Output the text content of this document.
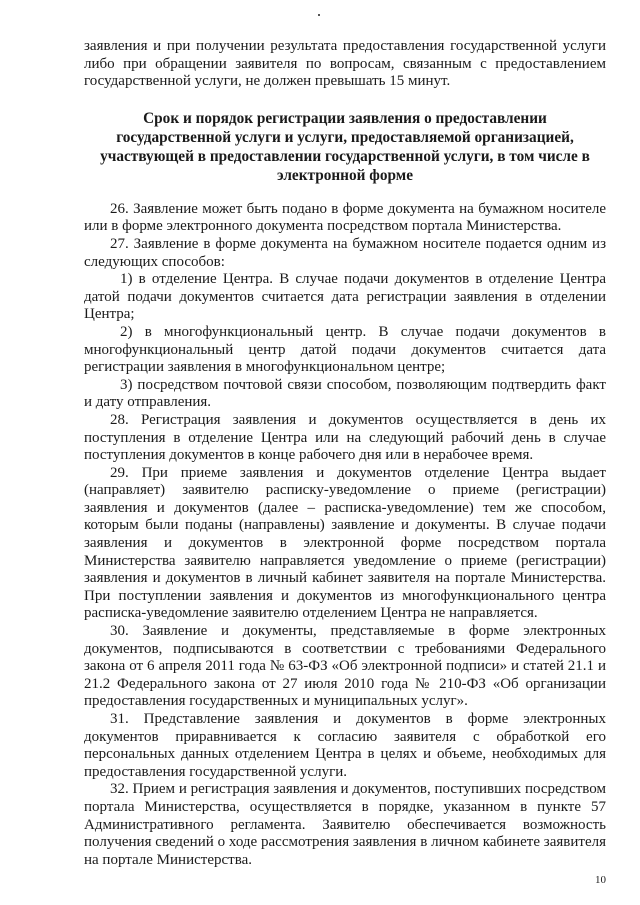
заявления и при получении результата предоставления государственной услуги либо при обращении заявителя по вопросам, связанным с предоставлением государственной услуги, не должен превышать 15 минут.

Срок и порядок регистрации заявления о предоставлении государственной услуги и услуги, предоставляемой организацией, участвующей в предоставлении государственной услуги, в том числе в электронной форме

26. Заявление может быть подано в форме документа на бумажном носителе или в форме электронного документа посредством портала Министерства.

27. Заявление в форме документа на бумажном носителе подается одним из следующих способов:

1) в отделение Центра. В случае подачи документов в отделение Центра датой подачи документов считается дата регистрации заявления в отделении Центра;

2) в многофункциональный центр. В случае подачи документов в многофункциональный центр датой подачи документов считается дата регистрации заявления в многофункциональном центре;

3) посредством почтовой связи способом, позволяющим подтвердить факт и дату отправления.

28. Регистрация заявления и документов осуществляется в день их поступления в отделение Центра или на следующий рабочий день в случае поступления документов в конце рабочего дня или в нерабочее время.

29. При приеме заявления и документов отделение Центра выдает (направляет) заявителю расписку-уведомление о приеме (регистрации) заявления и документов (далее – расписка-уведомление) тем же способом, которым были поданы (направлены) заявление и документы. В случае подачи заявления и документов в электронной форме посредством портала Министерства заявителю направляется уведомление о приеме (регистрации) заявления и документов в личный кабинет заявителя на портале Министерства. При поступлении заявления и документов из многофункционального центра расписка-уведомление заявителю отделением Центра не направляется.

30. Заявление и документы, представляемые в форме электронных документов, подписываются в соответствии с требованиями Федерального закона от 6 апреля 2011 года № 63-ФЗ «Об электронной подписи» и статей 21.1 и 21.2 Федерального закона от 27 июля 2010 года № 210-ФЗ «Об организации предоставления государственных и муниципальных услуг».

31. Представление заявления и документов в форме электронных документов приравнивается к согласию заявителя с обработкой его персональных данных отделением Центра в целях и объеме, необходимых для предоставления государственной услуги.

32. Прием и регистрация заявления и документов, поступивших посредством портала Министерства, осуществляется в порядке, указанном в пункте 57 Административного регламента. Заявителю обеспечивается возможность получения сведений о ходе рассмотрения заявления в личном кабинете заявителя на портале Министерства.

10
